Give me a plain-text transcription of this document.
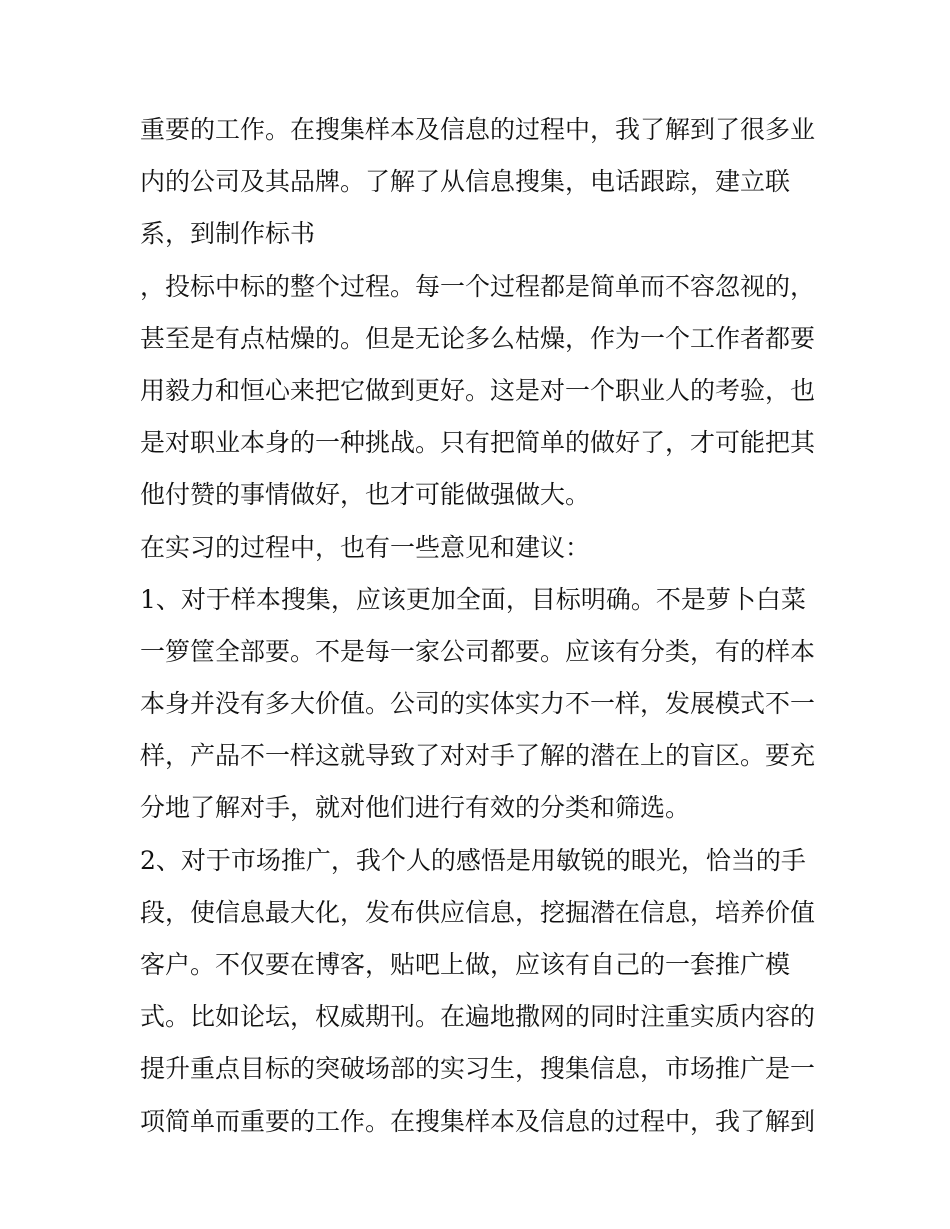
重要的工作。在搜集样本及信息的过程中，我了解到了很多业
内的公司及其品牌。了解了从信息搜集，电话跟踪，建立联
系，到制作标书
，投标中标的整个过程。每一个过程都是简单而不容忽视的，
甚至是有点枯燥的。但是无论多么枯燥，作为一个工作者都要
用毅力和恒心来把它做到更好。这是对一个职业人的考验，也
是对职业本身的一种挑战。只有把简单的做好了，才可能把其
他付赞的事情做好，也才可能做强做大。
在实习的过程中，也有一些意见和建议：
1、对于样本搜集，应该更加全面，目标明确。不是萝卜白菜
一箩筐全部要。不是每一家公司都要。应该有分类，有的样本
本身并没有多大价值。公司的实体实力不一样，发展模式不一
样，产品不一样这就导致了对对手了解的潜在上的盲区。要充
分地了解对手，就对他们进行有效的分类和筛选。
2、对于市场推广，我个人的感悟是用敏锐的眼光，恰当的手
段，使信息最大化，发布供应信息，挖掘潜在信息，培养价值
客户。不仅要在博客，贴吧上做，应该有自己的一套推广模
式。比如论坛，权威期刊。在遍地撒网的同时注重实质内容的
提升重点目标的突破场部的实习生，搜集信息，市场推广是一
项简单而重要的工作。在搜集样本及信息的过程中，我了解到
